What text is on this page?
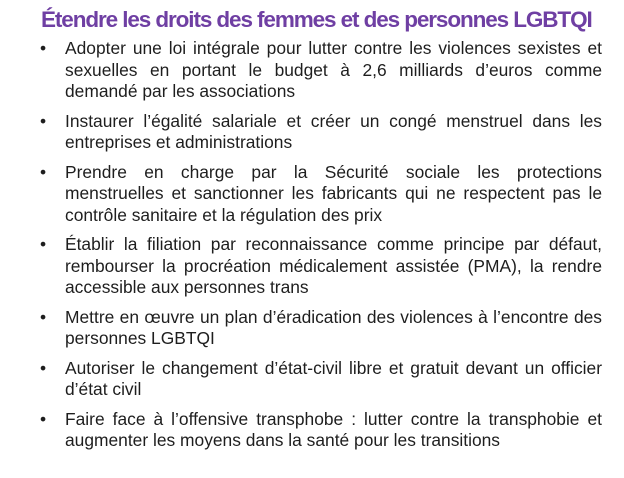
Étendre les droits des femmes et des personnes LGBTQI
• Adopter une loi intégrale pour lutter contre les violences sexistes et sexuelles en portant le budget à 2,6 milliards d’euros comme demandé par les associations
• Instaurer l’égalité salariale et créer un congé menstruel dans les entreprises et administrations
• Prendre en charge par la Sécurité sociale les protections menstruelles et sanctionner les fabricants qui ne respectent pas le contrôle sanitaire et la régulation des prix
• Établir la filiation par reconnaissance comme principe par défaut, rembourser la procréation médicalement assistée (PMA), la rendre accessible aux personnes trans
• Mettre en œuvre un plan d’éradication des violences à l’encontre des personnes LGBTQI
• Autoriser le changement d’état-civil libre et gratuit devant un officier d’état civil
• Faire face à l’offensive transphobe : lutter contre la transphobie et augmenter les moyens dans la santé pour les transitions
